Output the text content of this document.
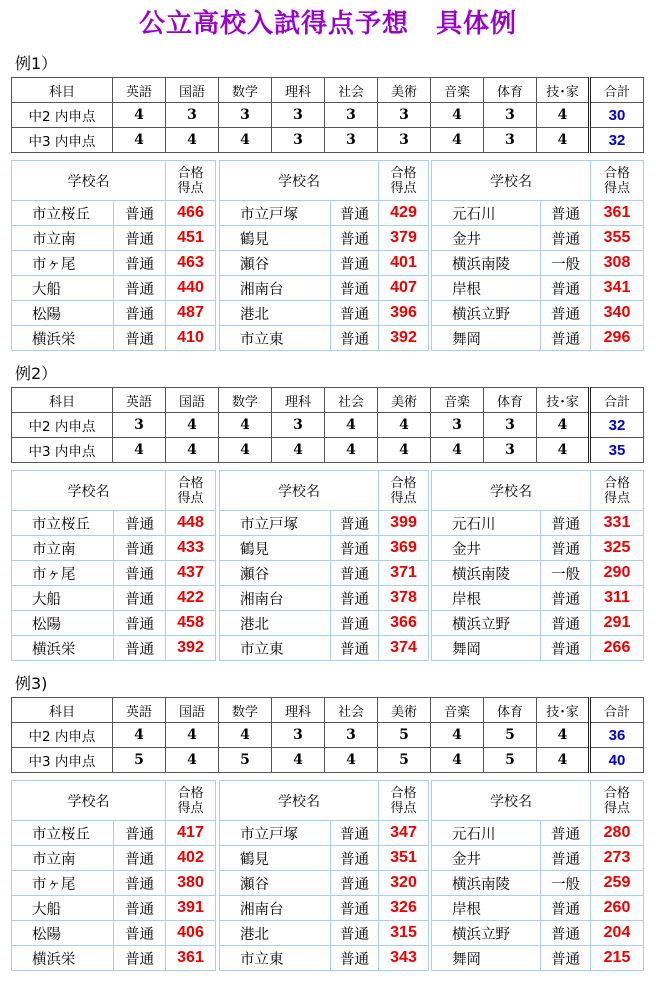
公立高校入試得点予想　具体例
例1）
科目	英語	国語	数学	理科	社会	美術	音楽	体育	技･家	合計
中2 内申点	4	3	3	3	3	3	4	3	4	30
中3 内申点	4	4	4	3	3	3	4	3	4	32
学校名		合格
得点

市立桜丘	普通	466
市立南	普通	451
市ヶ尾	普通	463
大船	普通	440
松陽	普通	487
横浜栄	普通	410
学校名		合格
得点

市立戸塚	普通	429
鶴見	普通	379
瀬谷	普通	401
湘南台	普通	407
港北	普通	396
市立東	普通	392
学校名		合格
得点

元石川	普通	361
金井	普通	355
横浜南陵	一般	308
岸根	普通	341
横浜立野	普通	340
舞岡	普通	296
例2）
科目	英語	国語	数学	理科	社会	美術	音楽	体育	技･家	合計
中2 内申点	3	4	4	3	4	4	3	3	4	32
中3 内申点	4	4	4	4	4	4	4	3	4	35
学校名		合格
得点

市立桜丘	普通	448
市立南	普通	433
市ヶ尾	普通	437
大船	普通	422
松陽	普通	458
横浜栄	普通	392
学校名		合格
得点

市立戸塚	普通	399
鶴見	普通	369
瀬谷	普通	371
湘南台	普通	378
港北	普通	366
市立東	普通	374
学校名		合格
得点

元石川	普通	331
金井	普通	325
横浜南陵	一般	290
岸根	普通	311
横浜立野	普通	291
舞岡	普通	266
例3)
科目	英語	国語	数学	理科	社会	美術	音楽	体育	技･家	合計
中2 内申点	4	4	4	3	3	5	4	5	4	36
中3 内申点	5	4	5	4	4	5	4	5	4	40
学校名		合格
得点

市立桜丘	普通	417
市立南	普通	402
市ヶ尾	普通	380
大船	普通	391
松陽	普通	406
横浜栄	普通	361
学校名		合格
得点

市立戸塚	普通	347
鶴見	普通	351
瀬谷	普通	320
湘南台	普通	326
港北	普通	315
市立東	普通	343
学校名		合格
得点

元石川	普通	280
金井	普通	273
横浜南陵	一般	259
岸根	普通	260
横浜立野	普通	204
舞岡	普通	215
